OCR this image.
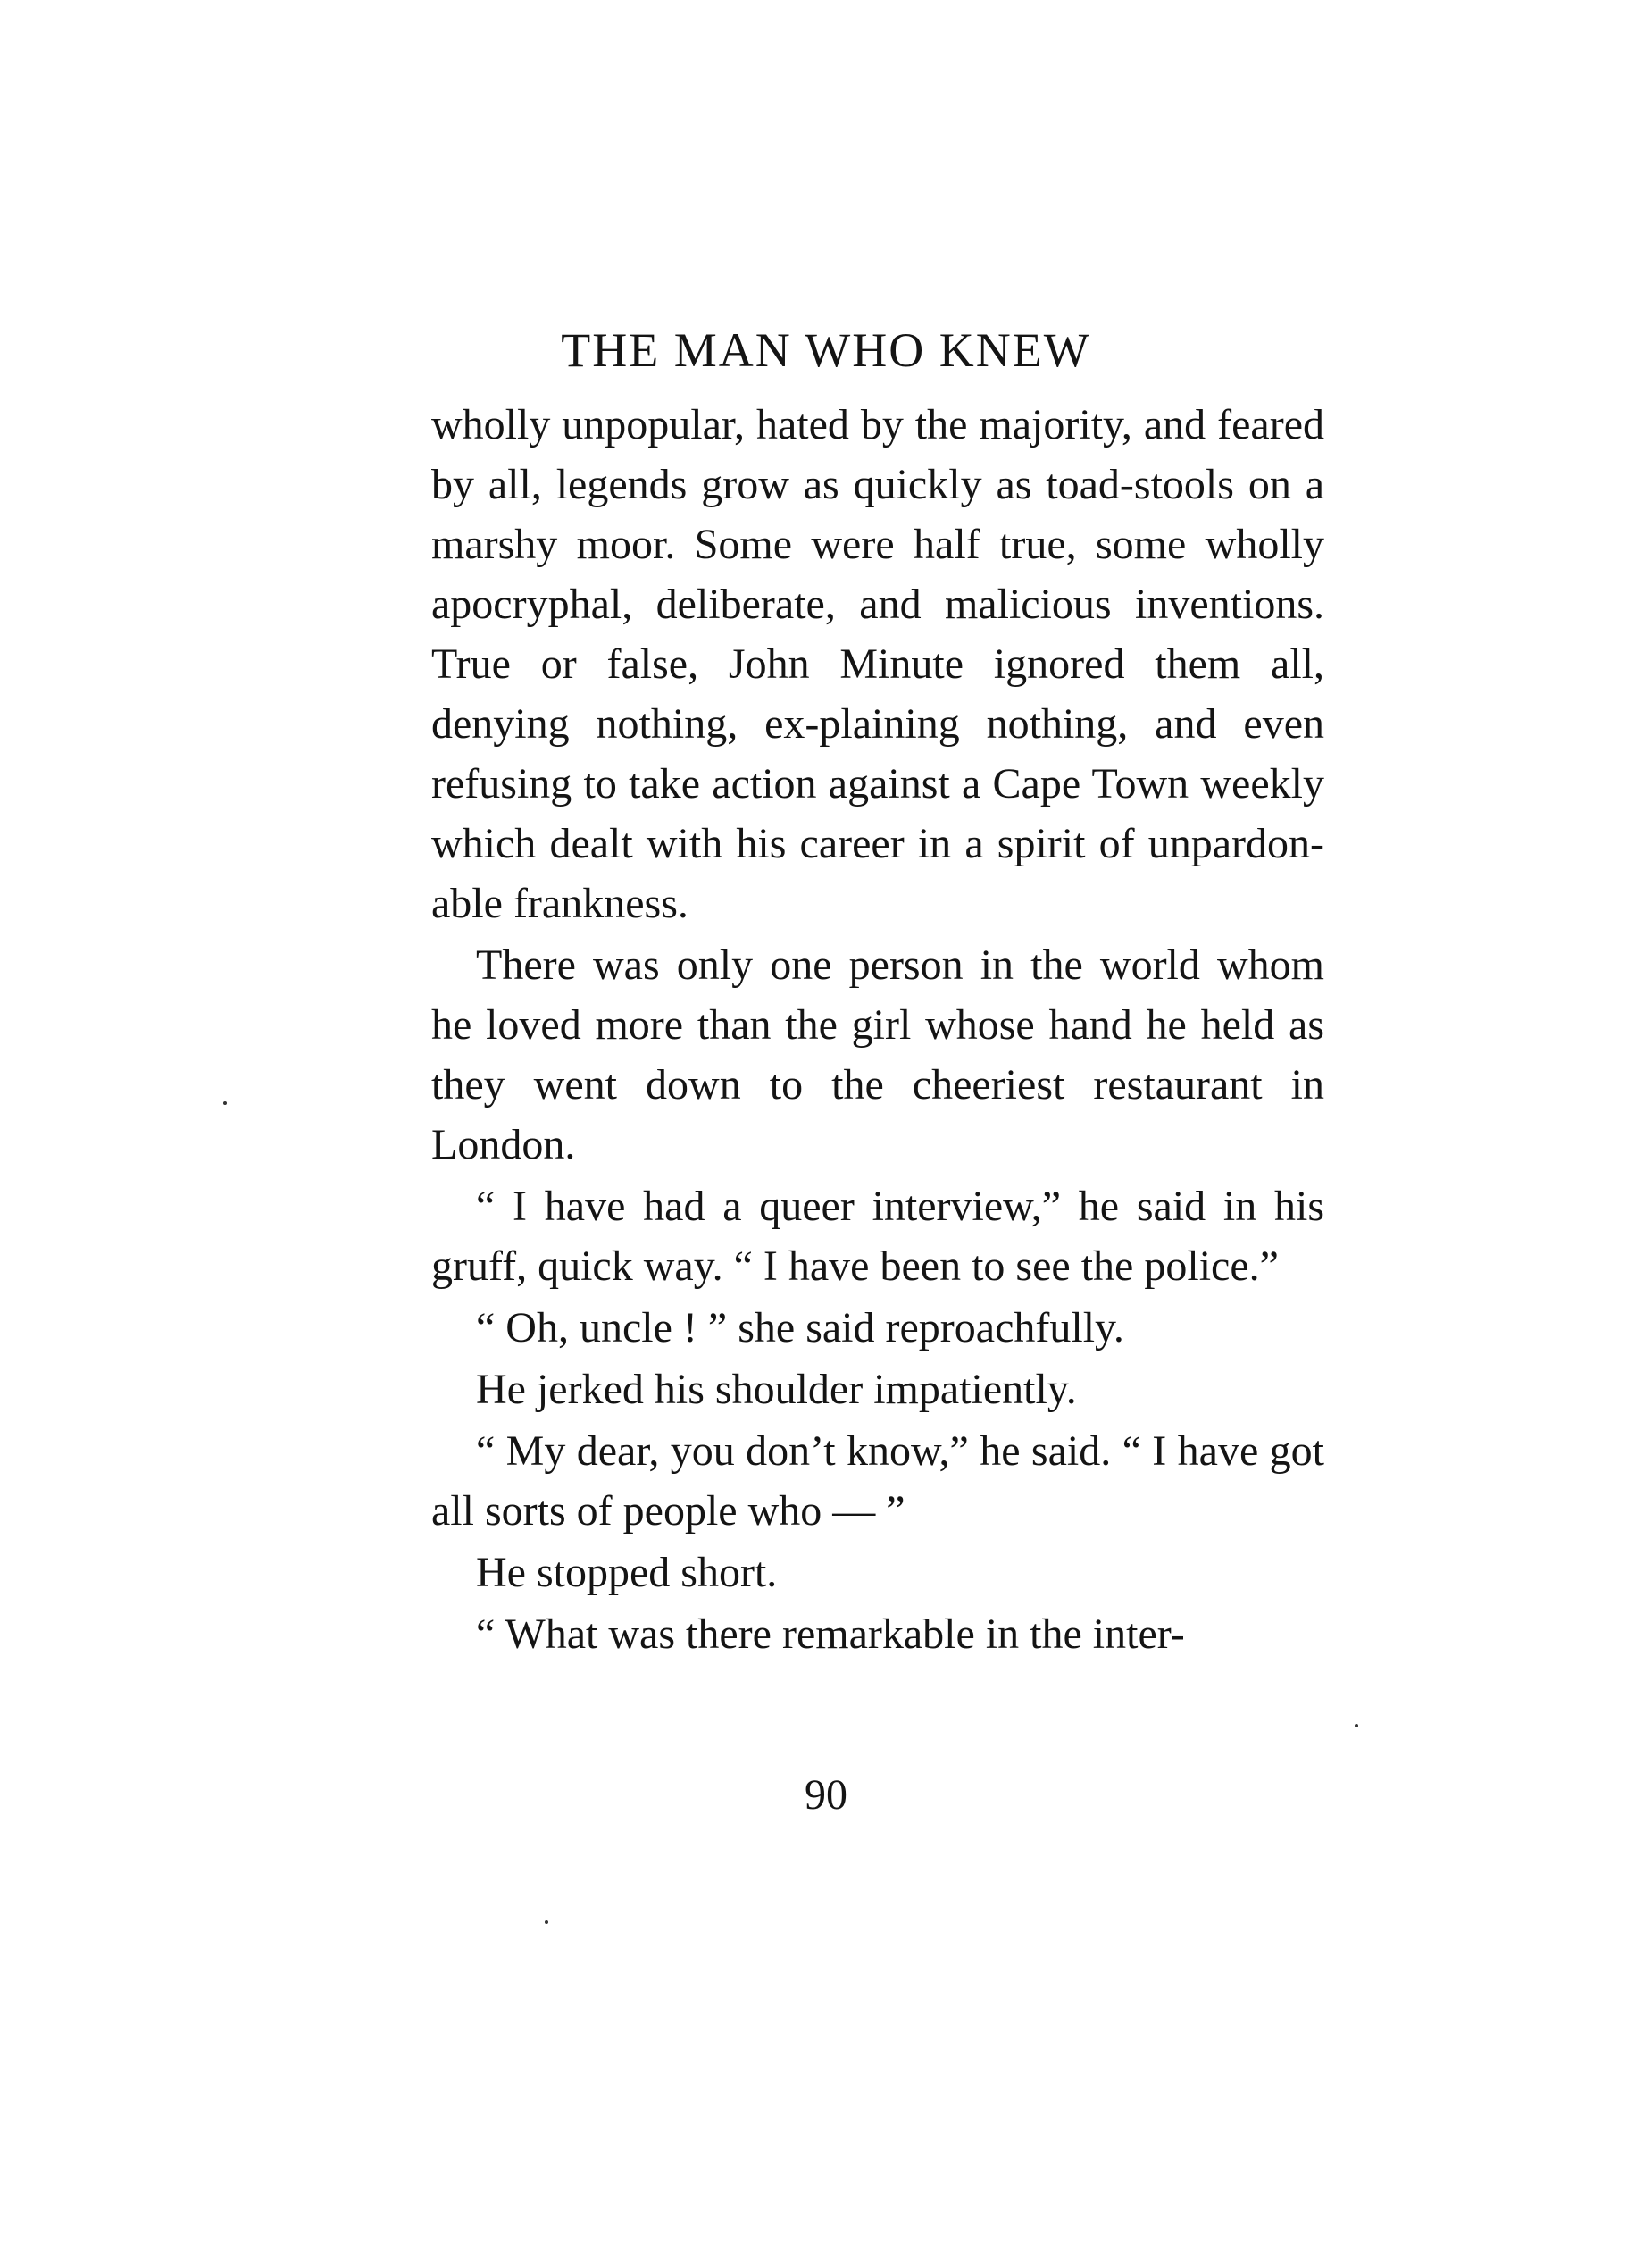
THE MAN WHO KNEW

wholly unpopular, hated by the majority, and feared by all, legends grow as quickly as toad-stools on a marshy moor. Some were half true, some wholly apocryphal, deliberate, and malicious inventions. True or false, John Minute ignored them all, denying nothing, ex-plaining nothing, and even refusing to take action against a Cape Town weekly which dealt with his career in a spirit of unpardon-able frankness.

There was only one person in the world whom he loved more than the girl whose hand he held as they went down to the cheeriest restaurant in London.

“ I have had a queer interview,” he said in his gruff, quick way. “ I have been to see the police.”

“ Oh, uncle ! ” she said reproachfully.

He jerked his shoulder impatiently.

“ My dear, you don’t know,” he said. “ I have got all sorts of people who — ”

He stopped short.

“ What was there remarkable in the inter-

90
